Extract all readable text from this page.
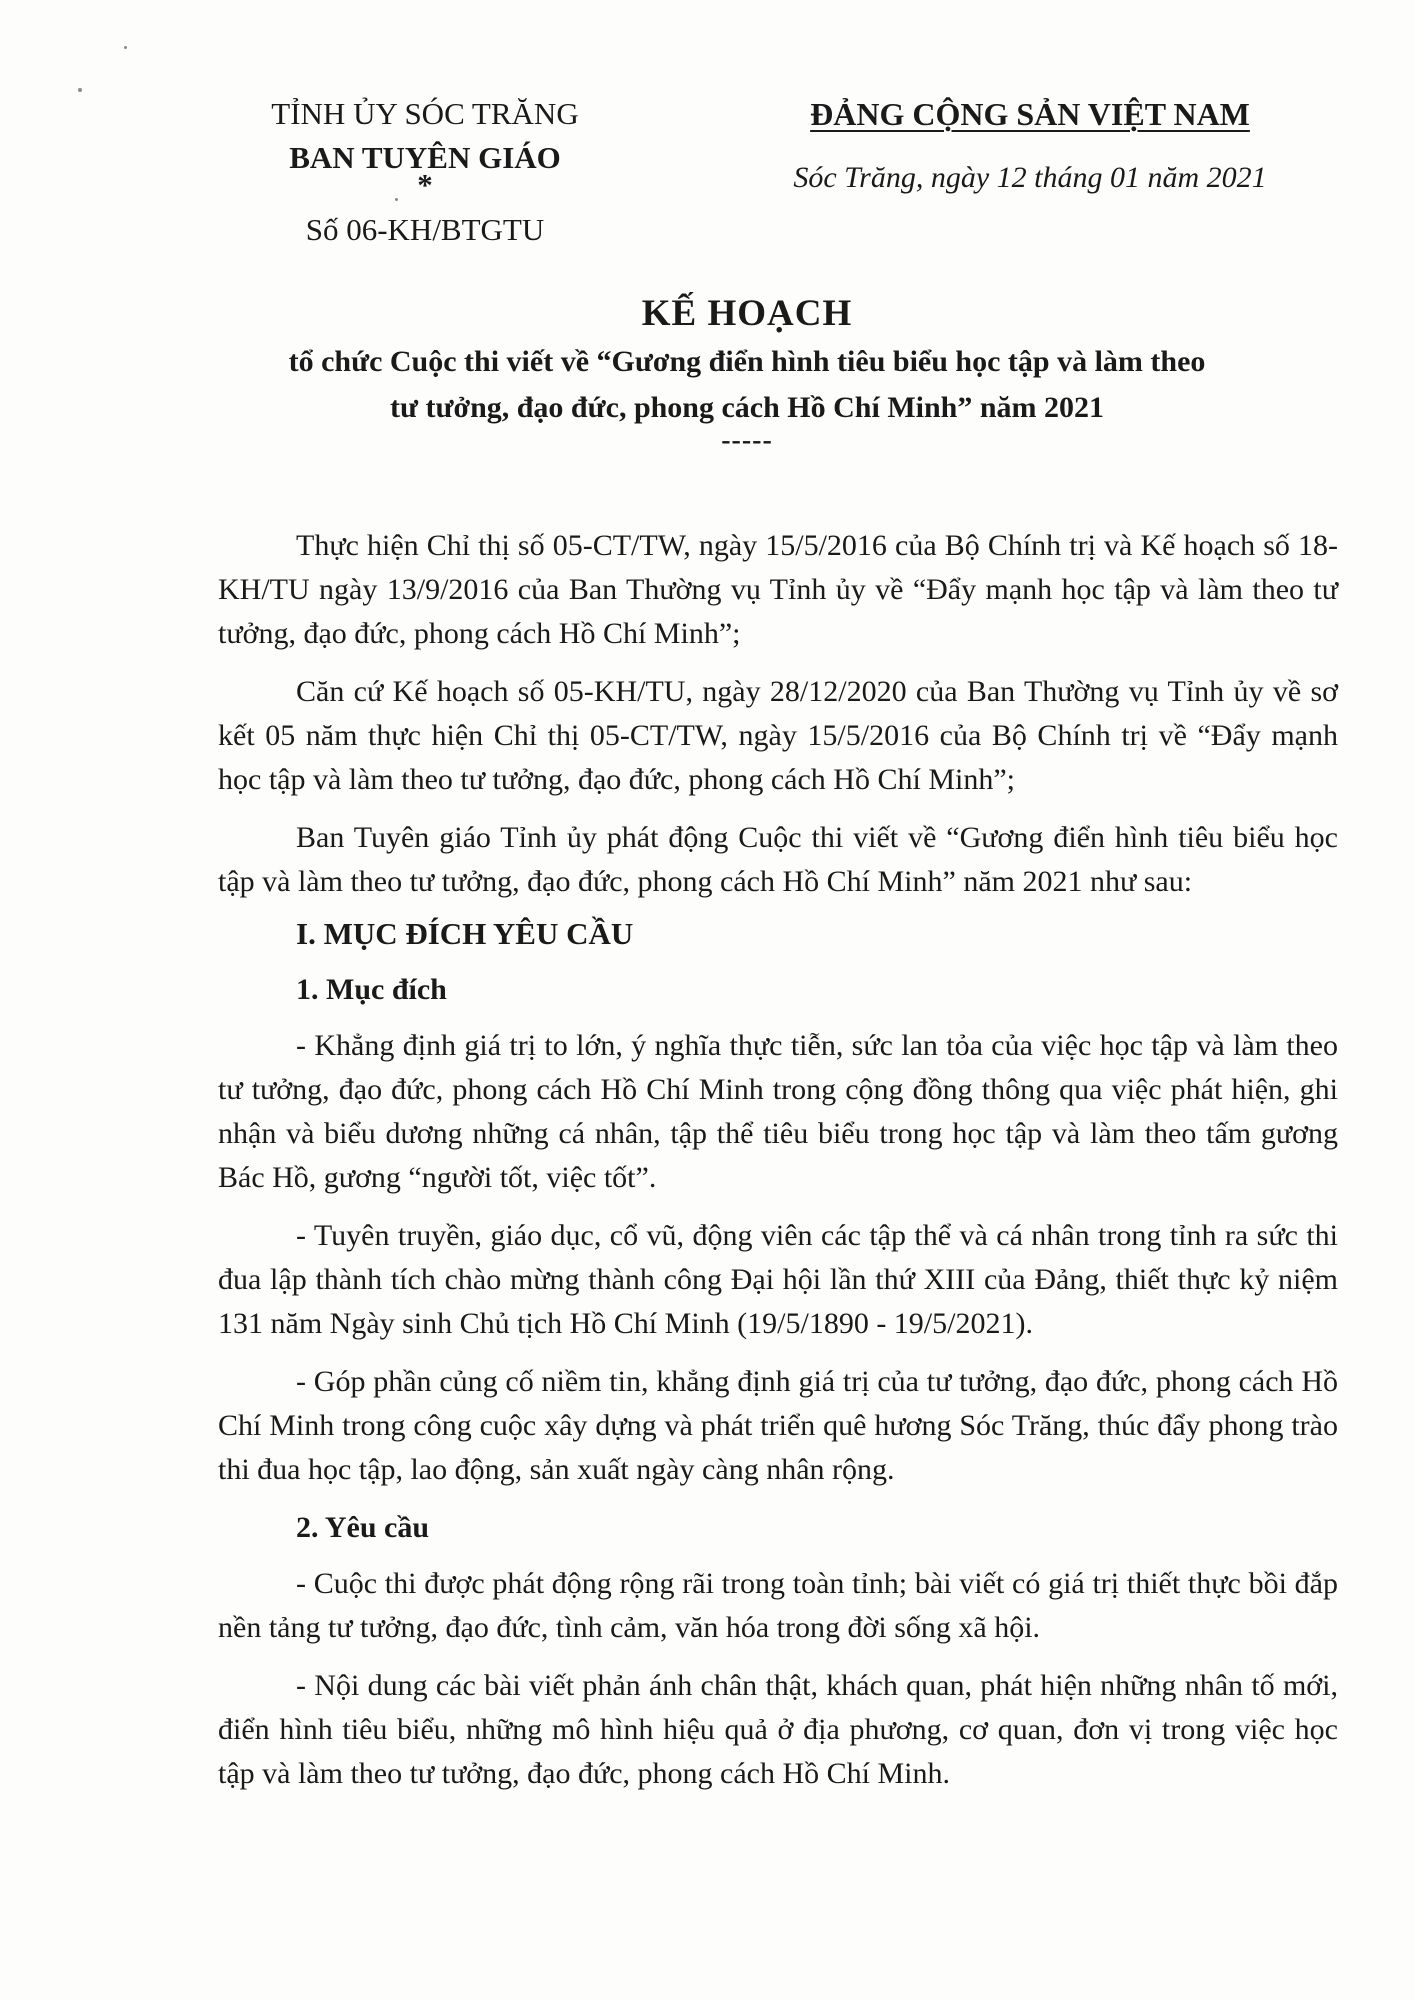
TỈNH ỦY SÓC TRĂNG
BAN TUYÊN GIÁO
*
Số 06-KH/BTGTU
ĐẢNG CỘNG SẢN VIỆT NAM
Sóc Trăng, ngày 12 tháng 01 năm 2021
KẾ HOẠCH
tổ chức Cuộc thi viết về “Gương điển hình tiêu biểu học tập và làm theo
tư tưởng, đạo đức, phong cách Hồ Chí Minh” năm 2021
-----

Thực hiện Chỉ thị số 05-CT/TW, ngày 15/5/2016 của Bộ Chính trị và Kế hoạch số 18-KH/TU ngày 13/9/2016 của Ban Thường vụ Tỉnh ủy về “Đẩy mạnh học tập và làm theo tư tưởng, đạo đức, phong cách Hồ Chí Minh”;

Căn cứ Kế hoạch số 05-KH/TU, ngày 28/12/2020 của Ban Thường vụ Tỉnh ủy về sơ kết 05 năm thực hiện Chỉ thị 05-CT/TW, ngày 15/5/2016 của Bộ Chính trị về “Đẩy mạnh học tập và làm theo tư tưởng, đạo đức, phong cách Hồ Chí Minh”;

Ban Tuyên giáo Tỉnh ủy phát động Cuộc thi viết về “Gương điển hình tiêu biểu học tập và làm theo tư tưởng, đạo đức, phong cách Hồ Chí Minh” năm 2021 như sau:

I. MỤC ĐÍCH YÊU CẦU
1. Mục đích

- Khẳng định giá trị to lớn, ý nghĩa thực tiễn, sức lan tỏa của việc học tập và làm theo tư tưởng, đạo đức, phong cách Hồ Chí Minh trong cộng đồng thông qua việc phát hiện, ghi nhận và biểu dương những cá nhân, tập thể tiêu biểu trong học tập và làm theo tấm gương Bác Hồ, gương “người tốt, việc tốt”.

- Tuyên truyền, giáo dục, cổ vũ, động viên các tập thể và cá nhân trong tỉnh ra sức thi đua lập thành tích chào mừng thành công Đại hội lần thứ XIII của Đảng, thiết thực kỷ niệm 131 năm Ngày sinh Chủ tịch Hồ Chí Minh (19/5/1890 - 19/5/2021).

- Góp phần củng cố niềm tin, khẳng định giá trị của tư tưởng, đạo đức, phong cách Hồ Chí Minh trong công cuộc xây dựng và phát triển quê hương Sóc Trăng, thúc đẩy phong trào thi đua học tập, lao động, sản xuất ngày càng nhân rộng.

2. Yêu cầu

- Cuộc thi được phát động rộng rãi trong toàn tỉnh; bài viết có giá trị thiết thực bồi đắp nền tảng tư tưởng, đạo đức, tình cảm, văn hóa trong đời sống xã hội.

- Nội dung các bài viết phản ánh chân thật, khách quan, phát hiện những nhân tố mới, điển hình tiêu biểu, những mô hình hiệu quả ở địa phương, cơ quan, đơn vị trong việc học tập và làm theo tư tưởng, đạo đức, phong cách Hồ Chí Minh.
